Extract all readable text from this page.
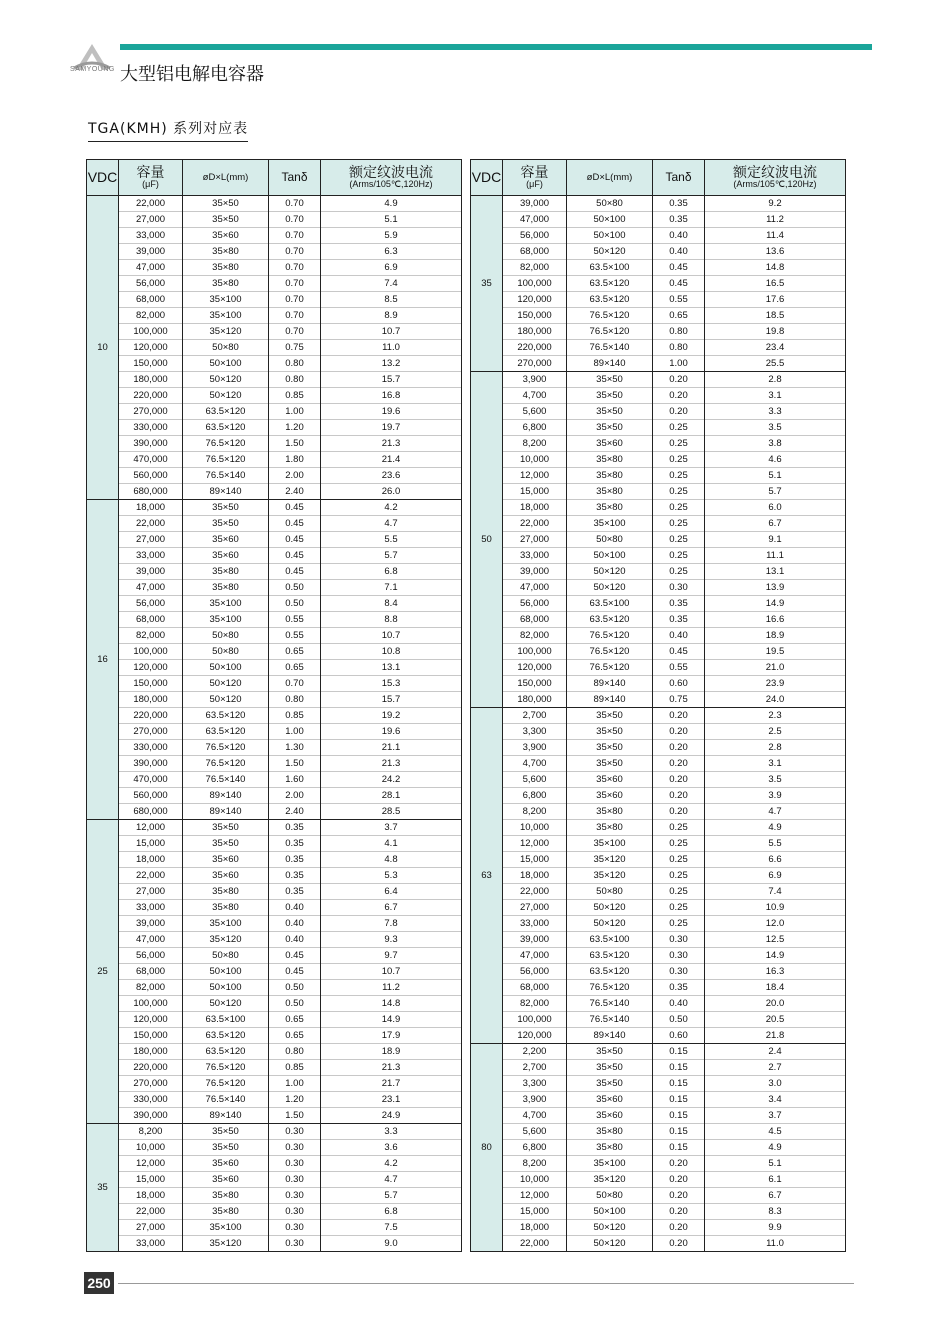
SAMYOUNG 大型铝电解电容器
TGA(KMH) 系列对应表
VDC	容量
(μF)	øD×L(mm)	Tanδ	额定纹波电流
(Arms/105℃,120Hz)
10	22,000	35×50	0.70	4.9
	27,000	35×50	0.70	5.1
	33,000	35×60	0.70	5.9
	39,000	35×80	0.70	6.3
	47,000	35×80	0.70	6.9
	56,000	35×80	0.70	7.4
	68,000	35×100	0.70	8.5
	82,000	35×100	0.70	8.9
	100,000	35×120	0.70	10.7
	120,000	50×80	0.75	11.0
	150,000	50×100	0.80	13.2
	180,000	50×120	0.80	15.7
	220,000	50×120	0.85	16.8
	270,000	63.5×120	1.00	19.6
	330,000	63.5×120	1.20	19.7
	390,000	76.5×120	1.50	21.3
	470,000	76.5×120	1.80	21.4
	560,000	76.5×140	2.00	23.6
	680,000	89×140	2.40	26.0
16	18,000	35×50	0.45	4.2
	22,000	35×50	0.45	4.7
	27,000	35×60	0.45	5.5
	33,000	35×60	0.45	5.7
	39,000	35×80	0.45	6.8
	47,000	35×80	0.50	7.1
	56,000	35×100	0.50	8.4
	68,000	35×100	0.55	8.8
	82,000	50×80	0.55	10.7
	100,000	50×80	0.65	10.8
	120,000	50×100	0.65	13.1
	150,000	50×120	0.70	15.3
	180,000	50×120	0.80	15.7
	220,000	63.5×120	0.85	19.2
	270,000	63.5×120	1.00	19.6
	330,000	76.5×120	1.30	21.1
	390,000	76.5×120	1.50	21.3
	470,000	76.5×140	1.60	24.2
	560,000	89×140	2.00	28.1
	680,000	89×140	2.40	28.5
25	12,000	35×50	0.35	3.7
	15,000	35×50	0.35	4.1
	18,000	35×60	0.35	4.8
	22,000	35×60	0.35	5.3
	27,000	35×80	0.35	6.4
	33,000	35×80	0.40	6.7
	39,000	35×100	0.40	7.8
	47,000	35×120	0.40	9.3
	56,000	50×80	0.45	9.7
	68,000	50×100	0.45	10.7
	82,000	50×100	0.50	11.2
	100,000	50×120	0.50	14.8
	120,000	63.5×100	0.65	14.9
	150,000	63.5×120	0.65	17.9
	180,000	63.5×120	0.80	18.9
	220,000	76.5×120	0.85	21.3
	270,000	76.5×120	1.00	21.7
	330,000	76.5×140	1.20	23.1
	390,000	89×140	1.50	24.9
35	8,200	35×50	0.30	3.3
	10,000	35×50	0.30	3.6
	12,000	35×60	0.30	4.2
	15,000	35×60	0.30	4.7
	18,000	35×80	0.30	5.7
	22,000	35×80	0.30	6.8
	27,000	35×100	0.30	7.5
	33,000	35×120	0.30	9.0
VDC	容量
(μF)	øD×L(mm)	Tanδ	额定纹波电流
(Arms/105℃,120Hz)
35	39,000	50×80	0.35	9.2
	47,000	50×100	0.35	11.2
	56,000	50×100	0.40	11.4
	68,000	50×120	0.40	13.6
	82,000	63.5×100	0.45	14.8
	100,000	63.5×120	0.45	16.5
	120,000	63.5×120	0.55	17.6
	150,000	76.5×120	0.65	18.5
	180,000	76.5×120	0.80	19.8
	220,000	76.5×140	0.80	23.4
	270,000	89×140	1.00	25.5
50	3,900	35×50	0.20	2.8
	4,700	35×50	0.20	3.1
	5,600	35×50	0.20	3.3
	6,800	35×50	0.25	3.5
	8,200	35×60	0.25	3.8
	10,000	35×80	0.25	4.6
	12,000	35×80	0.25	5.1
	15,000	35×80	0.25	5.7
	18,000	35×80	0.25	6.0
	22,000	35×100	0.25	6.7
	27,000	50×80	0.25	9.1
	33,000	50×100	0.25	11.1
	39,000	50×120	0.25	13.1
	47,000	50×120	0.30	13.9
	56,000	63.5×100	0.35	14.9
	68,000	63.5×120	0.35	16.6
	82,000	76.5×120	0.40	18.9
	100,000	76.5×120	0.45	19.5
	120,000	76.5×120	0.55	21.0
	150,000	89×140	0.60	23.9
	180,000	89×140	0.75	24.0
63	2,700	35×50	0.20	2.3
	3,300	35×50	0.20	2.5
	3,900	35×50	0.20	2.8
	4,700	35×50	0.20	3.1
	5,600	35×60	0.20	3.5
	6,800	35×60	0.20	3.9
	8,200	35×80	0.20	4.7
	10,000	35×80	0.25	4.9
	12,000	35×100	0.25	5.5
	15,000	35×120	0.25	6.6
	18,000	35×120	0.25	6.9
	22,000	50×80	0.25	7.4
	27,000	50×120	0.25	10.9
	33,000	50×120	0.25	12.0
	39,000	63.5×100	0.30	12.5
	47,000	63.5×120	0.30	14.9
	56,000	63.5×120	0.30	16.3
	68,000	76.5×120	0.35	18.4
	82,000	76.5×140	0.40	20.0
	100,000	76.5×140	0.50	20.5
	120,000	89×140	0.60	21.8
80	2,200	35×50	0.15	2.4
	2,700	35×50	0.15	2.7
	3,300	35×50	0.15	3.0
	3,900	35×60	0.15	3.4
	4,700	35×60	0.15	3.7
	5,600	35×80	0.15	4.5
	6,800	35×80	0.15	4.9
	8,200	35×100	0.20	5.1
	10,000	35×120	0.20	6.1
	12,000	50×80	0.20	6.7
	15,000	50×100	0.20	8.3
	18,000	50×120	0.20	9.9
	22,000	50×120	0.20	11.0
250
